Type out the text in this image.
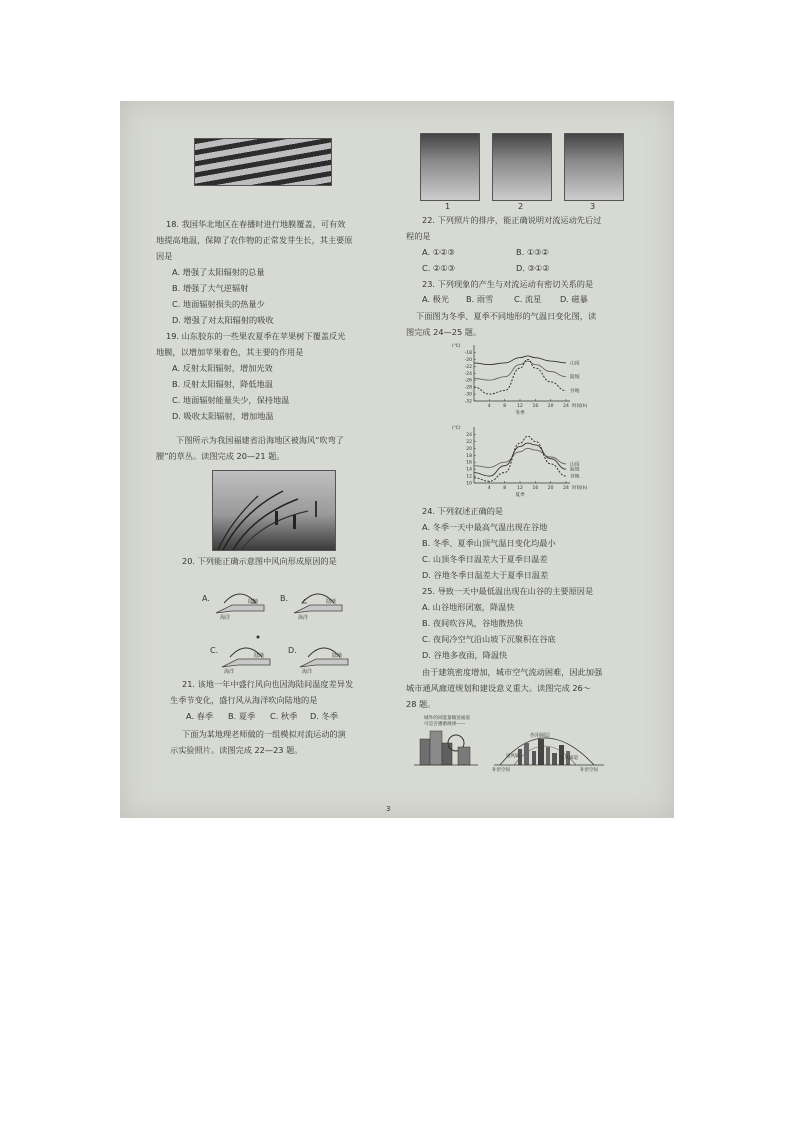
18. 我国华北地区在春播时进行地膜覆盖，可有效
地提高地温，保障了农作物的正常发芽生长，其主要原
因是
A. 增强了太阳辐射的总量
B. 增强了大气逆辐射
C. 地面辐射损失的热量少
D. 增强了对太阳辐射的吸收
19. 山东胶东的一些果农夏季在苹果树下覆盖反光
地膜，以增加苹果着色，其主要的作用是
A. 反射太阳辐射，增加光效
B. 反射太阳辐射，降低地温
C. 地面辐射能量失少，保持地温
D. 吸收太阳辐射，增加地温
下图所示为我国福建省沿海地区被海风“吹弯了
腰”的草丛。读图完成 20—21 题。
20. 下列能正确示意图中风向形成原因的是
A.
海洋
陆地	B.
海洋
陆地
C.
海洋
陆地
D.
海洋
陆地
21. 该地一年中盛行风向也因海陆间温度差异发
生季节变化，盛行风从海洋吹向陆地的是
A. 春季 B. 夏季 C. 秋季 D. 冬季
下面为某地理老师做的一组模拟对流运动的演
示实验照片。读图完成 22—23 题。
1	2	3
22. 下列照片的排序，能正确说明对流运动先后过
程的是
A. ①②③	B. ①③②
C. ②①③	D. ③①②
23. 下列现象的产生与对流运动有密切关系的是
A. 极光 B. 雨雪	C. 流星 D. 磁暴
下面图为冬季、夏季不同地形的气温日变化图，读
图完成 24—25 题。
(℃)
-18
-20
-22
-24
-26
-28
-30
-32
4	8 12 16 20 24 时间(h)
冬季
山顶
陡坡
谷地
(℃)
24
22
20
18
16
14
12
10
4	8 12 16 20 24 时间(h)
夏季
陡坡
山顶
谷地
24. 下列叙述正确的是
A. 冬季一天中最高气温出现在谷地
B. 冬季、夏季山顶气温日变化均最小
C. 山顶冬季日温差大于夏季日温差
D. 谷地冬季日温差大于夏季日温差
25. 导致一天中最低温出现在山谷的主要原因是
A. 山谷地形闭塞，降温快
B. 夜间吹谷风，谷地散热快
C. 夜间冷空气沿山坡下沉聚积在谷底
D. 谷地多夜雨，降温快
由于建筑密度增加，城市空气流动困难，因此加强
城市通风廊道规划和建设意义重大。读图完成 26～
28 题。
城外的风能量输送通道
可是否遵循规律——
作用圈层
通风廊	植风廊道
补偿空间	补偿空间
3
